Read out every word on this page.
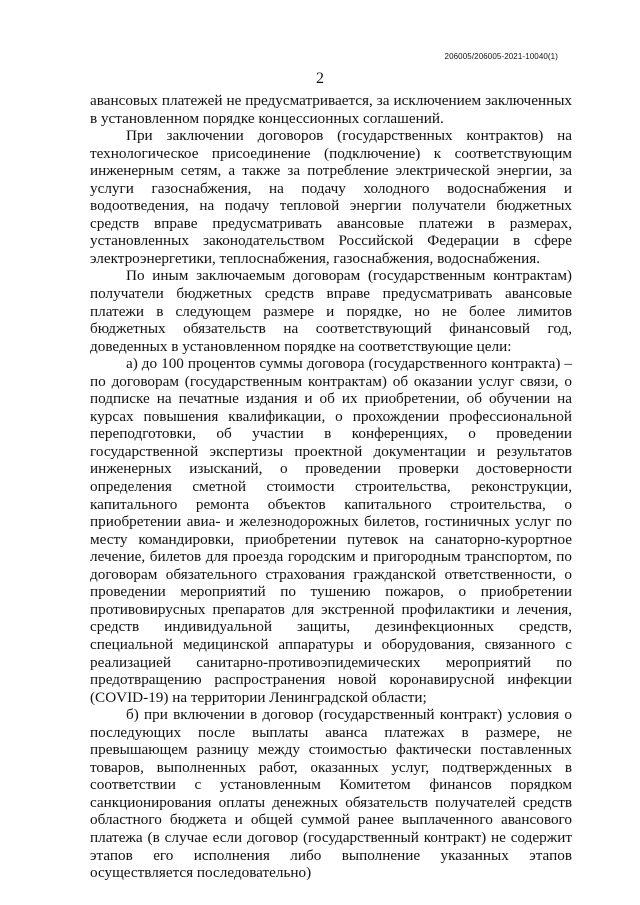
206005/206005-2021-10040(1)
2

авансовых платежей не предусматривается, за исключением заключенных в установленном порядке концессионных соглашений.

При заключении договоров (государственных контрактов) на технологическое присоединение (подключение) к соответствующим инженерным сетям, а также за потребление электрической энергии, за услуги газоснабжения, на подачу холодного водоснабжения и водоотведения, на подачу тепловой энергии получатели бюджетных средств вправе предусматривать авансовые платежи в размерах, установленных законодательством Российской Федерации в сфере электроэнергетики, теплоснабжения, газоснабжения, водоснабжения.

По иным заключаемым договорам (государственным контрактам) получатели бюджетных средств вправе предусматривать авансовые платежи в следующем размере и порядке, но не более лимитов бюджетных обязательств на соответствующий финансовый год, доведенных в установленном порядке на соответствующие цели:

а) до 100 процентов суммы договора (государственного контракта) – по договорам (государственным контрактам) об оказании услуг связи, о подписке на печатные издания и об их приобретении, об обучении на курсах повышения квалификации, о прохождении профессиональной переподготовки, об участии в конференциях, о проведении государственной экспертизы проектной документации и результатов инженерных изысканий, о проведении проверки достоверности определения сметной стоимости строительства, реконструкции, капитального ремонта объектов капитального строительства, о приобретении авиа- и железнодорожных билетов, гостиничных услуг по месту командировки, приобретении путевок на санаторно-курортное лечение, билетов для проезда городским и пригородным транспортом, по договорам обязательного страхования гражданской ответственности, о проведении мероприятий по тушению пожаров, о приобретении противовирусных препаратов для экстренной профилактики и лечения, средств индивидуальной защиты, дезинфекционных средств, специальной медицинской аппаратуры и оборудования, связанного с реализацией санитарно-противоэпидемических мероприятий по предотвращению распространения новой коронавирусной инфекции (COVID-19) на территории Ленинградской области;

б) при включении в договор (государственный контракт) условия о последующих после выплаты аванса платежах в размере, не превышающем разницу между стоимостью фактически поставленных товаров, выполненных работ, оказанных услуг, подтвержденных в соответствии с установленным Комитетом финансов порядком санкционирования оплаты денежных обязательств получателей средств областного бюджета и общей суммой ранее выплаченного авансового платежа (в случае если договор (государственный контракт) не содержит этапов его исполнения либо выполнение указанных этапов осуществляется последовательно)
